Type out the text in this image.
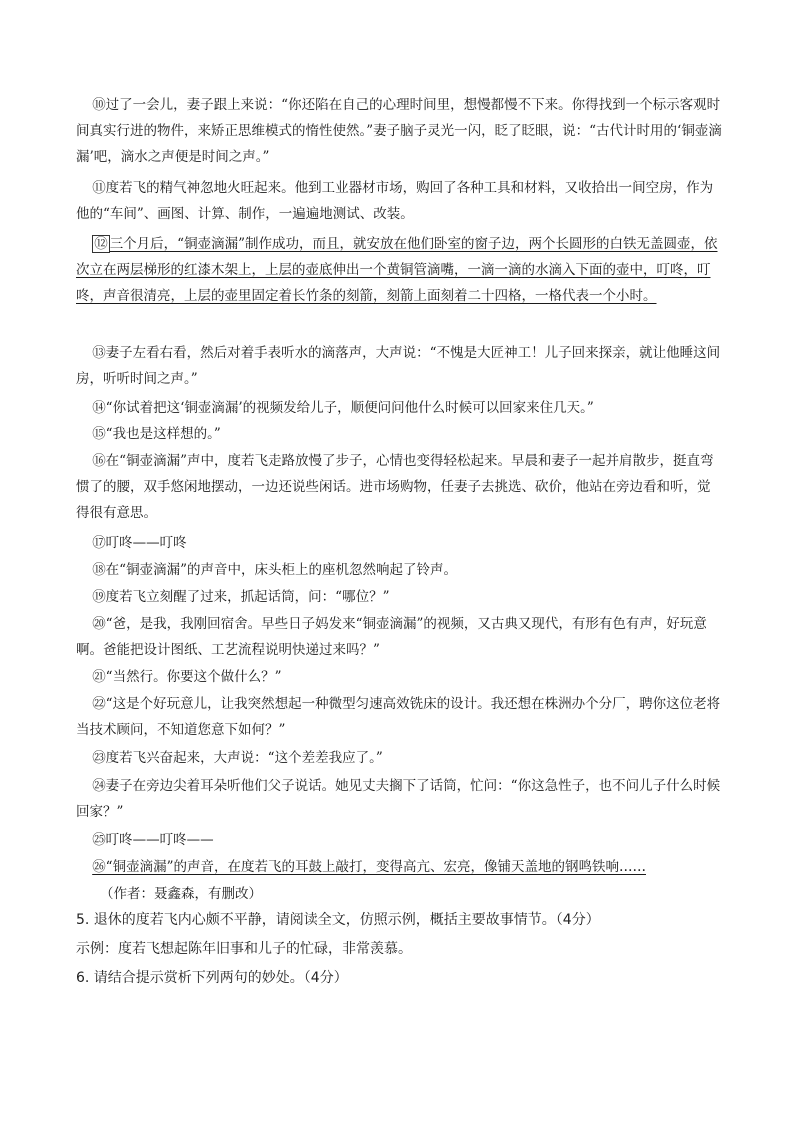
⑩过了一会儿，妻子跟上来说：“你还陷在自己的心理时间里，想慢都慢不下来。你得找到一个标示客观时间真实行进的物件，来矫正思维模式的惰性使然。”妻子脑子灵光一闪，眨了眨眼，说：“古代计时用的‘铜壶滴漏’吧，滴水之声便是时间之声。”

⑪度若飞的精气神忽地火旺起来。他到工业器材市场，购回了各种工具和材料，又收拾出一间空房，作为他的“车间”、画图、计算、制作，一遍遍地测试、改装。

⑫ 三个月后，“铜壶滴漏”制作成功，而且，就安放在他们卧室的窗子边，两个长圆形的白铁无盖圆壶，依次立在两层梯形的红漆木架上，上层的壶底伸出一个黄铜管滴嘴，一滴一滴的水滴入下面的壶中，叮咚，叮咚，声音很清亮，上层的壶里固定着长竹条的刻箭，刻箭上面刻着二十四格，一格代表一个小时。

⑬妻子左看右看，然后对着手表听水的滴落声，大声说：“不愧是大匠神工！儿子回来探亲，就让他睡这间房，听听时间之声。”

⑭“你试着把这‘铜壶滴漏’的视频发给儿子，顺便问问他什么时候可以回家来住几天。”

⑮“我也是这样想的。”

⑯在“铜壶滴漏”声中，度若飞走路放慢了步子，心情也变得轻松起来。早晨和妻子一起并肩散步，挺直弯惯了的腰，双手悠闲地摆动，一边还说些闲话。进市场购物，任妻子去挑选、砍价，他站在旁边看和听，觉得很有意思。

⑰叮咚——叮咚

⑱在“铜壶滴漏”的声音中，床头柜上的座机忽然响起了铃声。

⑲度若飞立刻醒了过来，抓起话筒，问：“哪位？”

⑳“爸，是我，我刚回宿舍。早些日子妈发来“铜壶滴漏”的视频，又古典又现代，有形有色有声，好玩意啊。爸能把设计图纸、工艺流程说明快递过来吗？”

㉑“当然行。你要这个做什么？”

㉒“这是个好玩意儿，让我突然想起一种微型匀速高效铣床的设计。我还想在株洲办个分厂，聘你这位老将当技术顾问，不知道您意下如何？”

㉓度若飞兴奋起来，大声说：“这个差差我应了。”

㉔妻子在旁边尖着耳朵听他们父子说话。她见丈夫搁下了话筒，忙问：“你这急性子，也不问儿子什么时候回家？”

㉕叮咚——叮咚——

㉖“铜壶滴漏”的声音，在度若飞的耳鼓上敲打，变得高亢、宏亮，像铺天盖地的钢鸣铁响……

（作者：聂鑫森，有删改）

5. 退休的度若飞内心颇不平静，请阅读全文，仿照示例，概括主要故事情节。（4分）

示例：度若飞想起陈年旧事和儿子的忙碌，非常羡慕。

6. 请结合提示赏析下列两句的妙处。（4分）
